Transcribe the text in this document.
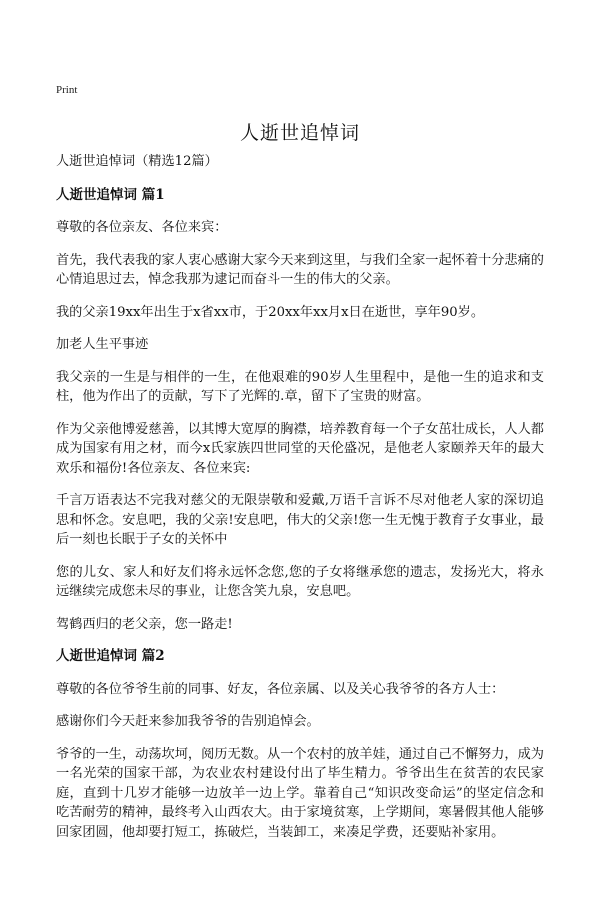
Print
人逝世追悼词

人逝世追悼词（精选12篇）

人逝世追悼词 篇1

尊敬的各位亲友、各位来宾：

首先，我代表我的家人衷心感谢大家今天来到这里，与我们全家一起怀着十分悲痛的心情追思过去，悼念我那为逮记而奋斗一生的伟大的父亲。

我的父亲19xx年出生于x省xx市，于20xx年xx月x日在逝世，享年90岁。

加老人生平事迹

我父亲的一生是与相伴的一生，在他艰难的90岁人生里程中，是他一生的追求和支柱，他为作出了的贡献，写下了光辉的.章，留下了宝贵的财富。

作为父亲他博爱慈善，以其博大宽厚的胸襟，培养教育每一个子女茁壮成长，人人都成为国家有用之材，而今x氏家族四世同堂的天伦盛况，是他老人家颐养天年的最大欢乐和福份!各位亲友、各位来宾:

千言万语表达不完我对慈父的无限崇敬和爱戴,万语千言诉不尽对他老人家的深切追思和怀念。安息吧，我的父亲!安息吧，伟大的父亲!您一生无愧于教育子女事业，最后一刻也长眠于子女的关怀中

您的儿女、家人和好友们将永远怀念您,您的子女将继承您的遗志，发扬光大，将永远继续完成您未尽的事业，让您含笑九泉，安息吧。

驾鹤西归的老父亲，您一路走!

人逝世追悼词 篇2

尊敬的各位爷爷生前的同事、好友，各位亲属、以及关心我爷爷的各方人士：

感谢你们今天赶来参加我爷爷的告别追悼会。

爷爷的一生，动荡坎坷，阅历无数。从一个农村的放羊娃，通过自己不懈努力，成为一名光荣的国家干部，为农业农村建设付出了毕生精力。爷爷出生在贫苦的农民家庭，直到十几岁才能够一边放羊一边上学。靠着自己“知识改变命运”的坚定信念和吃苦耐劳的精神，最终考入山西农大。由于家境贫寒，上学期间，寒暑假其他人能够回家团圆，他却要打短工，拣破烂，当装卸工，来凑足学费，还要贴补家用。
